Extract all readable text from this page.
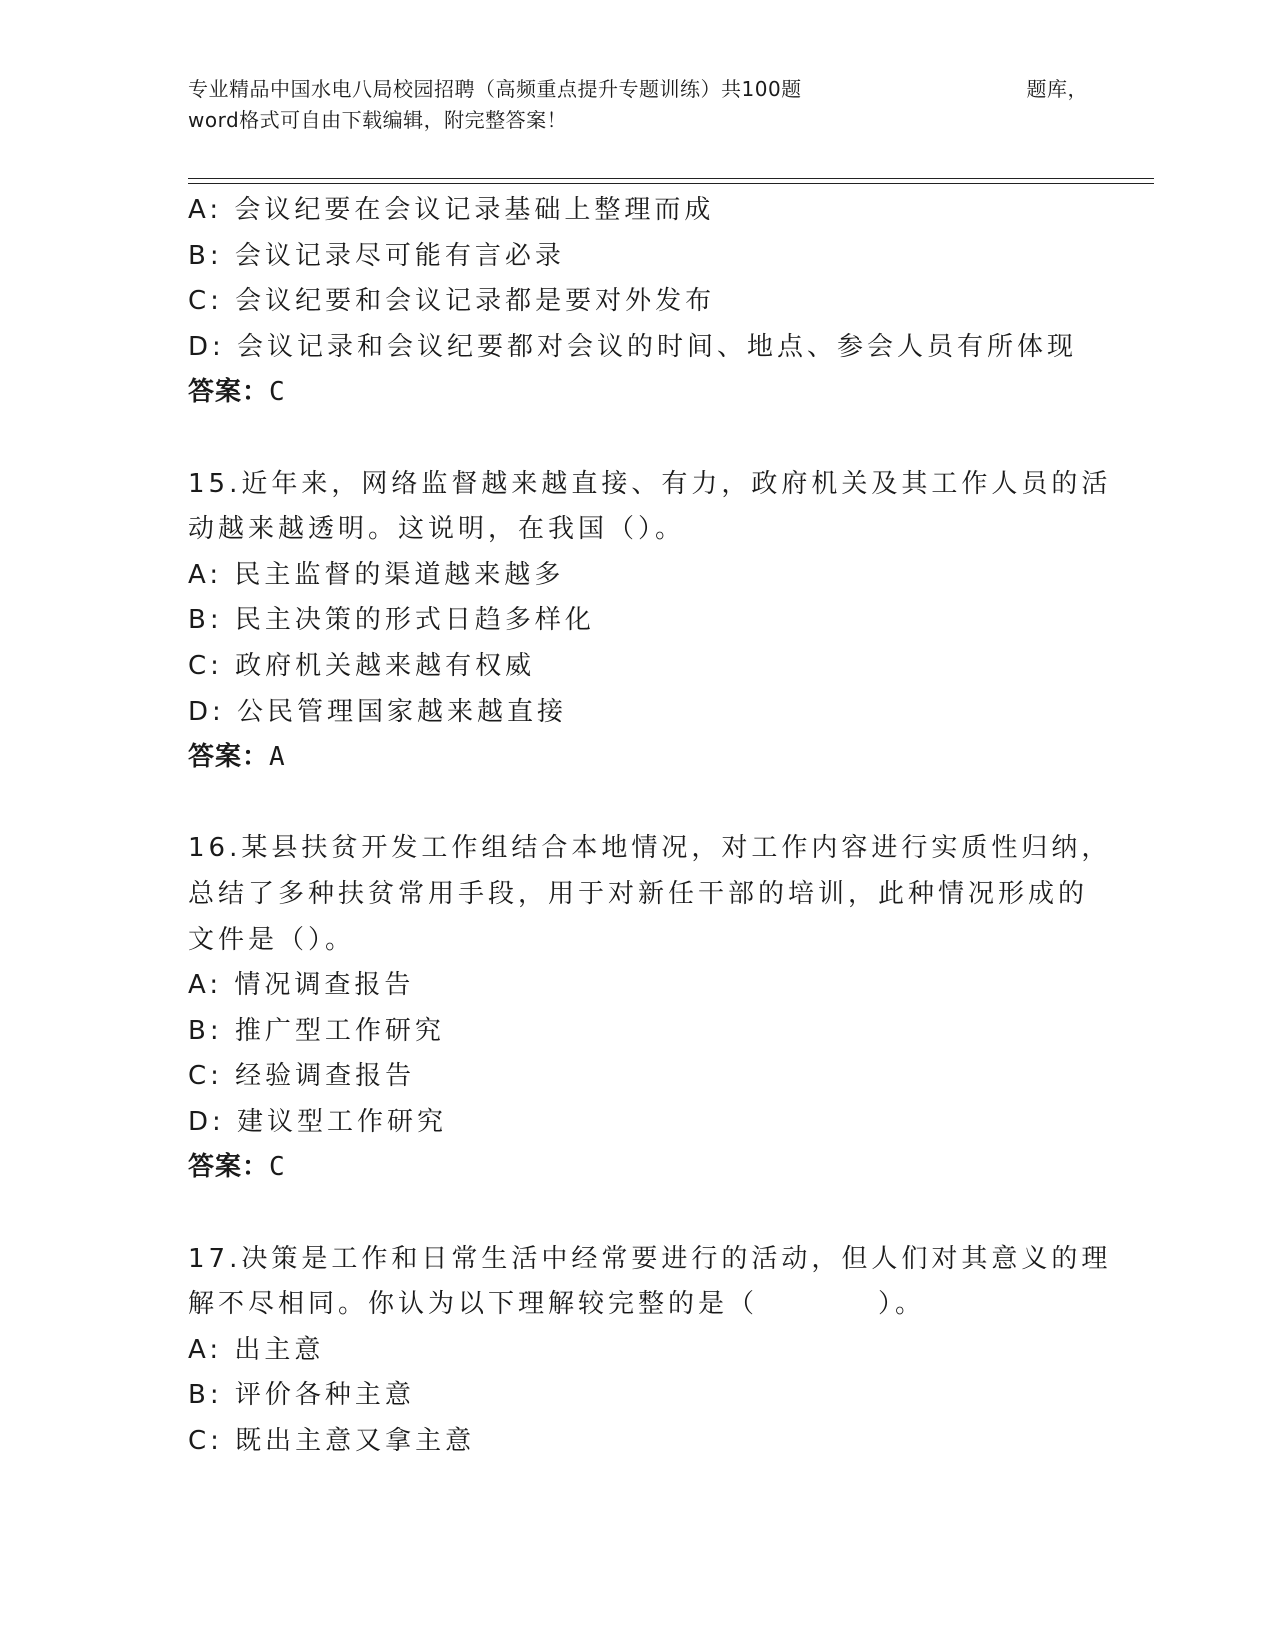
专业精品中国水电八局校园招聘（高频重点提升专题训练）共100题	题库，
word格式可自由下载编辑，附完整答案！
A: 会议纪要在会议记录基础上整理而成
B: 会议记录尽可能有言必录
C: 会议纪要和会议记录都是要对外发布
D: 会议记录和会议纪要都对会议的时间、地点、参会人员有所体现
答案：C
15.近年来，网络监督越来越直接、有力，政府机关及其工作人员的活
动越来越透明。这说明，在我国（）。
A: 民主监督的渠道越来越多
B: 民主决策的形式日趋多样化
C: 政府机关越来越有权威
D: 公民管理国家越来越直接
答案：A
16.某县扶贫开发工作组结合本地情况，对工作内容进行实质性归纳，
总结了多种扶贫常用手段，用于对新任干部的培训，此种情况形成的
文件是（）。
A: 情况调查报告
B: 推广型工作研究
C: 经验调查报告
D: 建议型工作研究
答案：C
17.决策是工作和日常生活中经常要进行的活动，但人们对其意义的理
解不尽相同。你认为以下理解较完整的是（　　　　）。
A: 出主意
B: 评价各种主意
C: 既出主意又拿主意
